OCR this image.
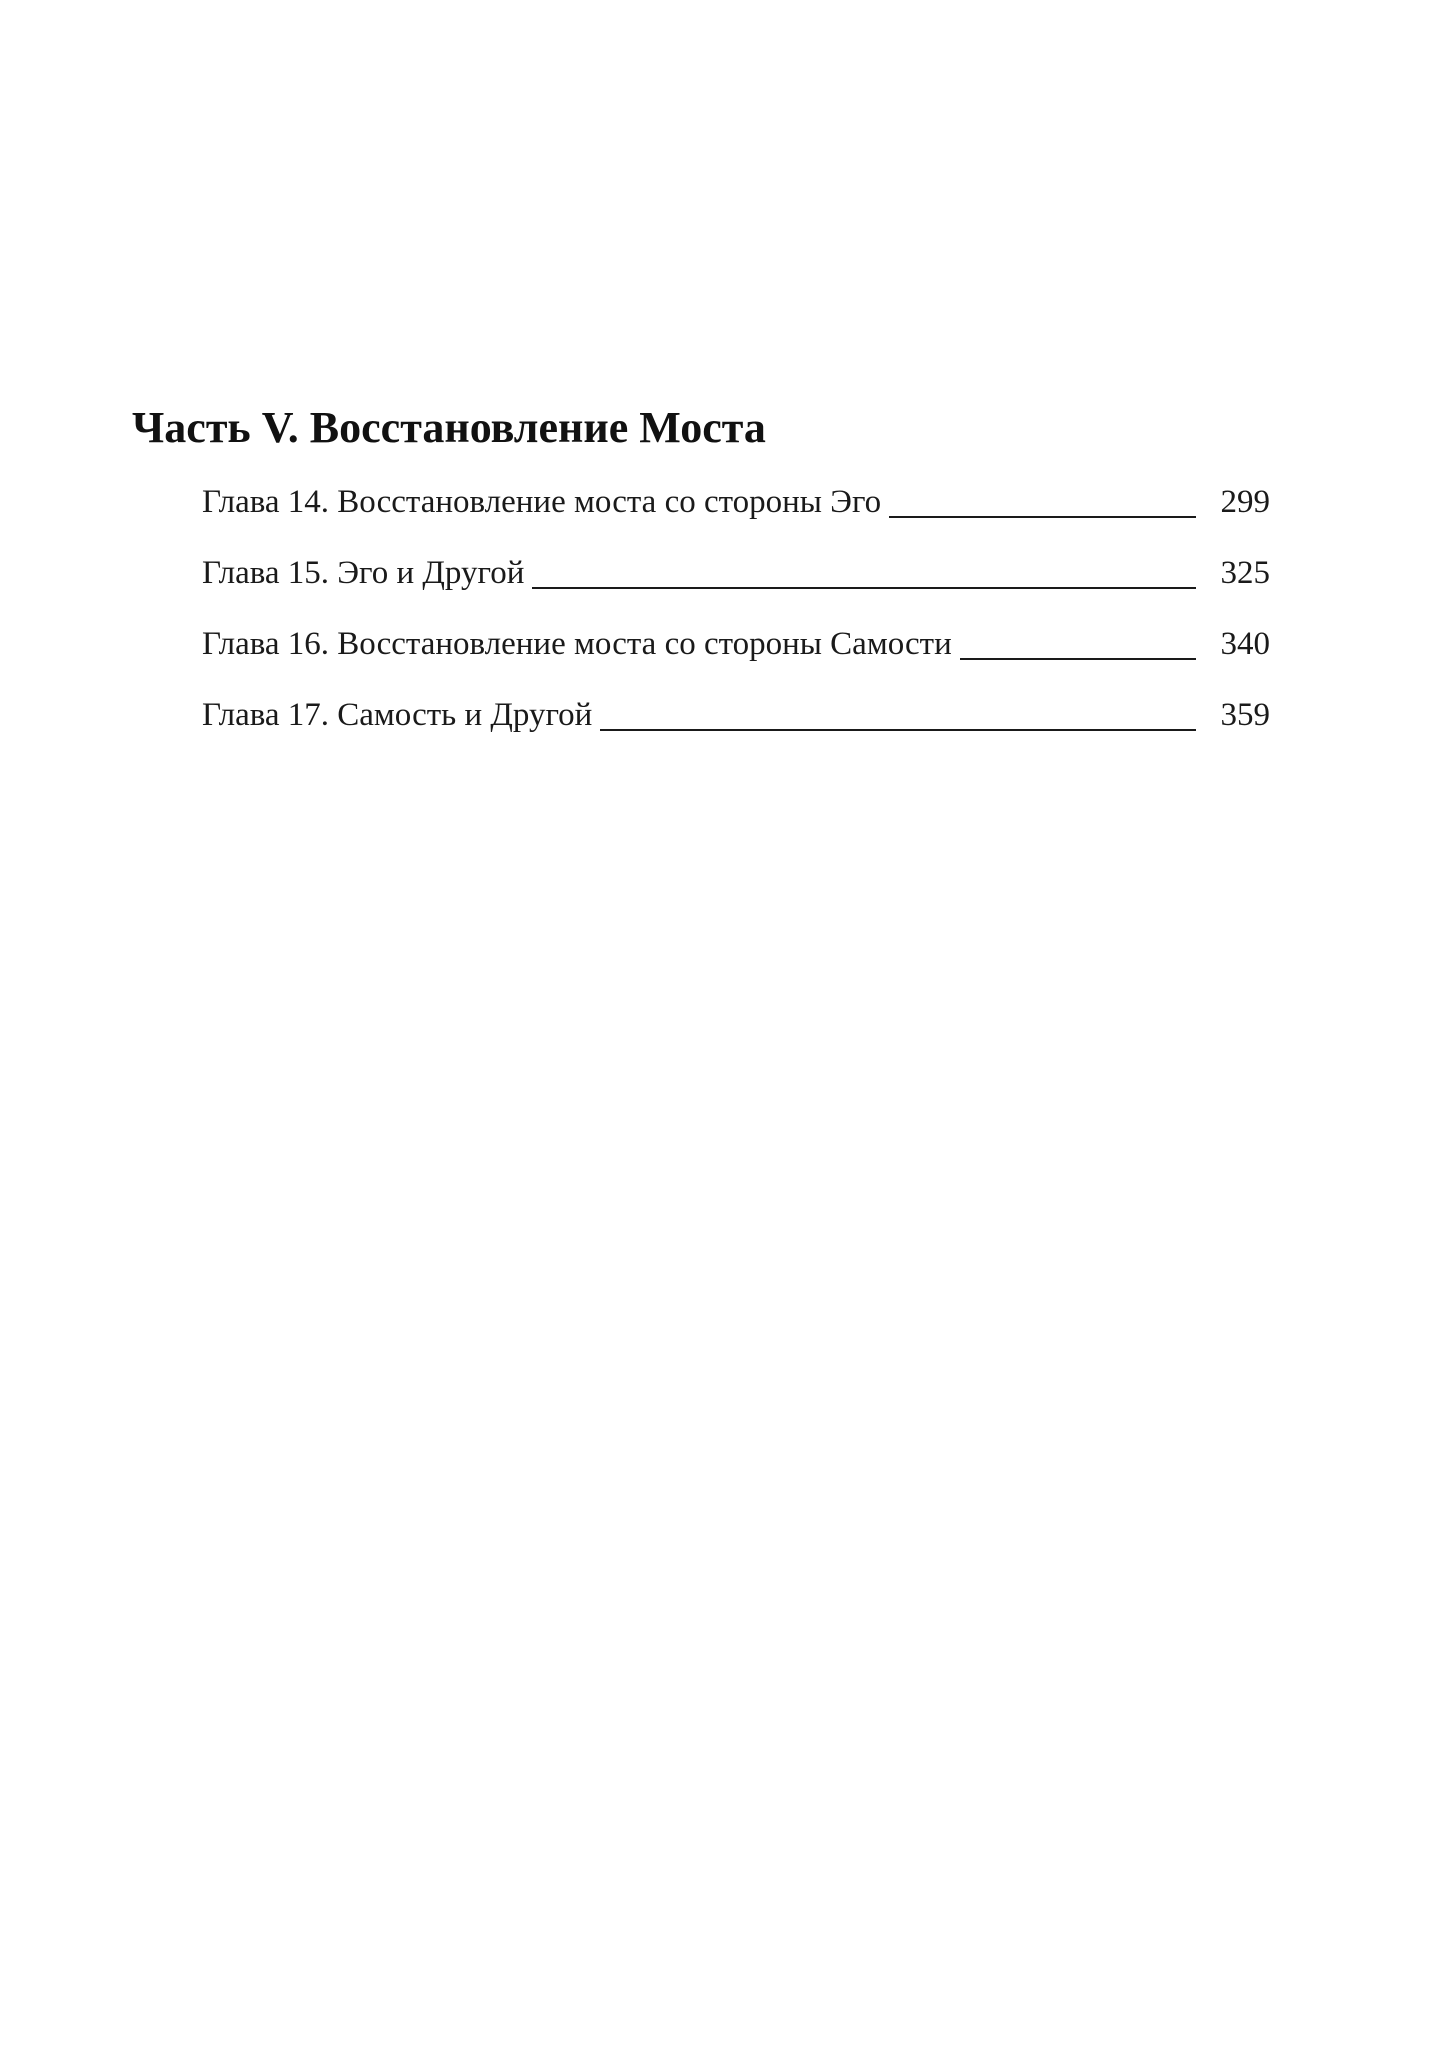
Часть V. Восстановление Моста
Глава 14. Восстановление моста со стороны Эго	299
Глава 15. Эго и Другой	325
Глава 16. Восстановление моста со стороны Самости	340
Глава 17. Самость и Другой	359
